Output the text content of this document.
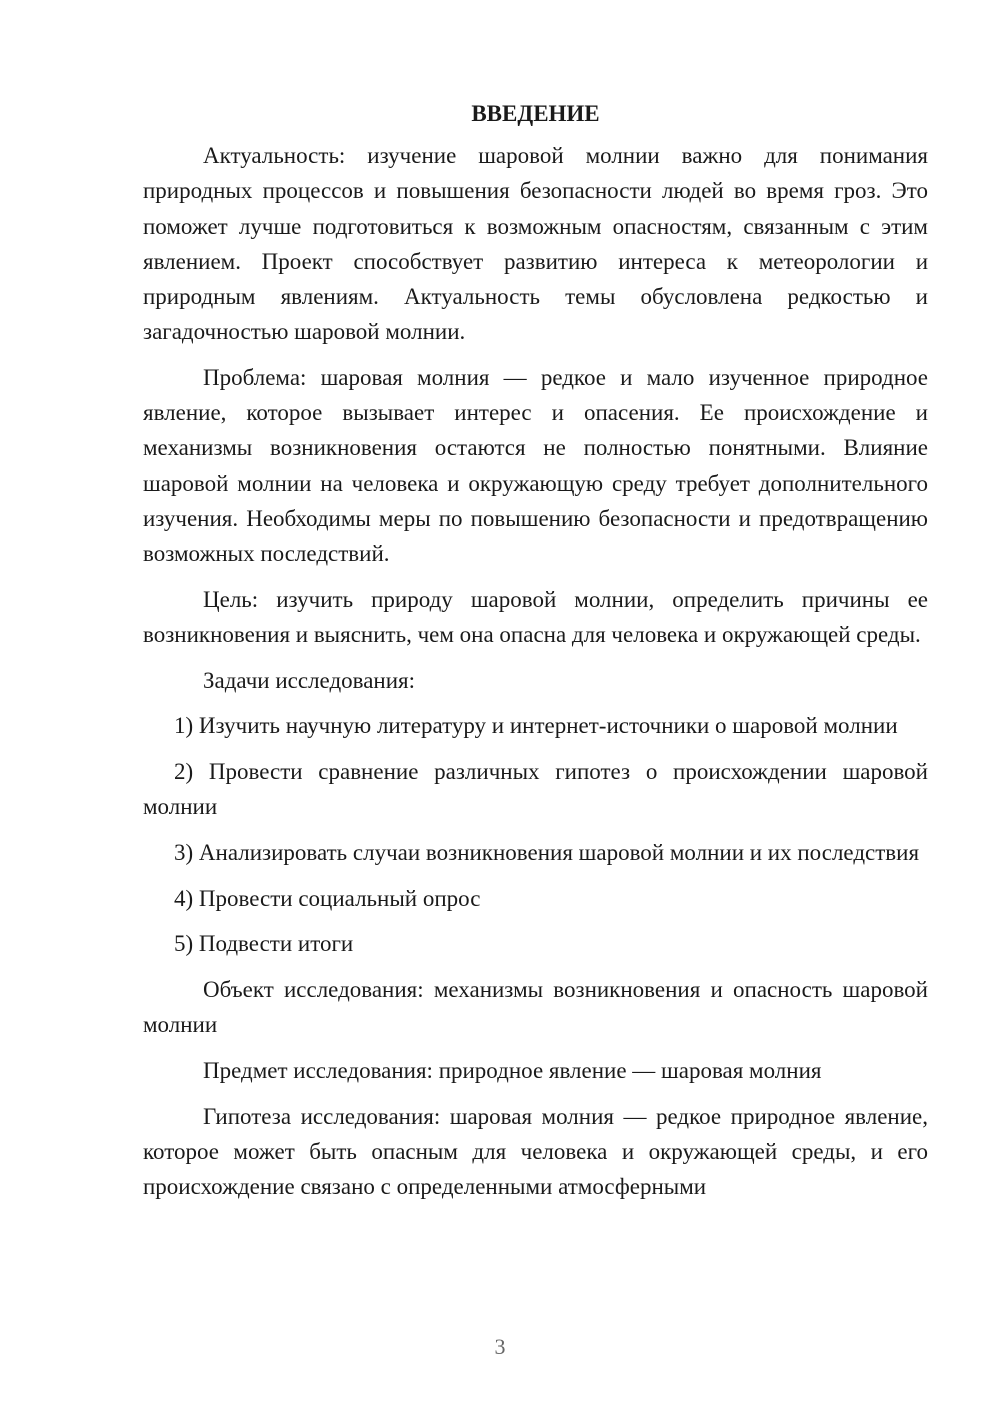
ВВЕДЕНИЕ

Актуальность: изучение шаровой молнии важно для понимания природных процессов и повышения безопасности людей во время гроз. Это поможет лучше подготовиться к возможным опасностям, связанным с этим явлением. Проект способствует развитию интереса к метеорологии и природным явлениям. Актуальность темы обусловлена редкостью и загадочностью шаровой молнии.

Проблема: шаровая молния — редкое и мало изученное природное явление, которое вызывает интерес и опасения. Ее происхождение и механизмы возникновения остаются не полностью понятными. Влияние шаровой молнии на человека и окружающую среду требует дополнительного изучения. Необходимы меры по повышению безопасности и предотвращению возможных последствий.

Цель: изучить природу шаровой молнии, определить причины ее возникновения и выяснить, чем она опасна для человека и окружающей среды.

Задачи исследования:

1) Изучить научную литературу и интернет-источники о шаровой молнии

2) Провести сравнение различных гипотез о происхождении шаровой молнии

3) Анализировать случаи возникновения шаровой молнии и их последствия

4) Провести социальный опрос

5) Подвести итоги

Объект исследования: механизмы возникновения и опасность шаровой молнии

Предмет исследования: природное явление — шаровая молния

Гипотеза исследования: шаровая молния — редкое природное явление, которое может быть опасным для человека и окружающей среды, и его происхождение связано с определенными атмосферными

3
